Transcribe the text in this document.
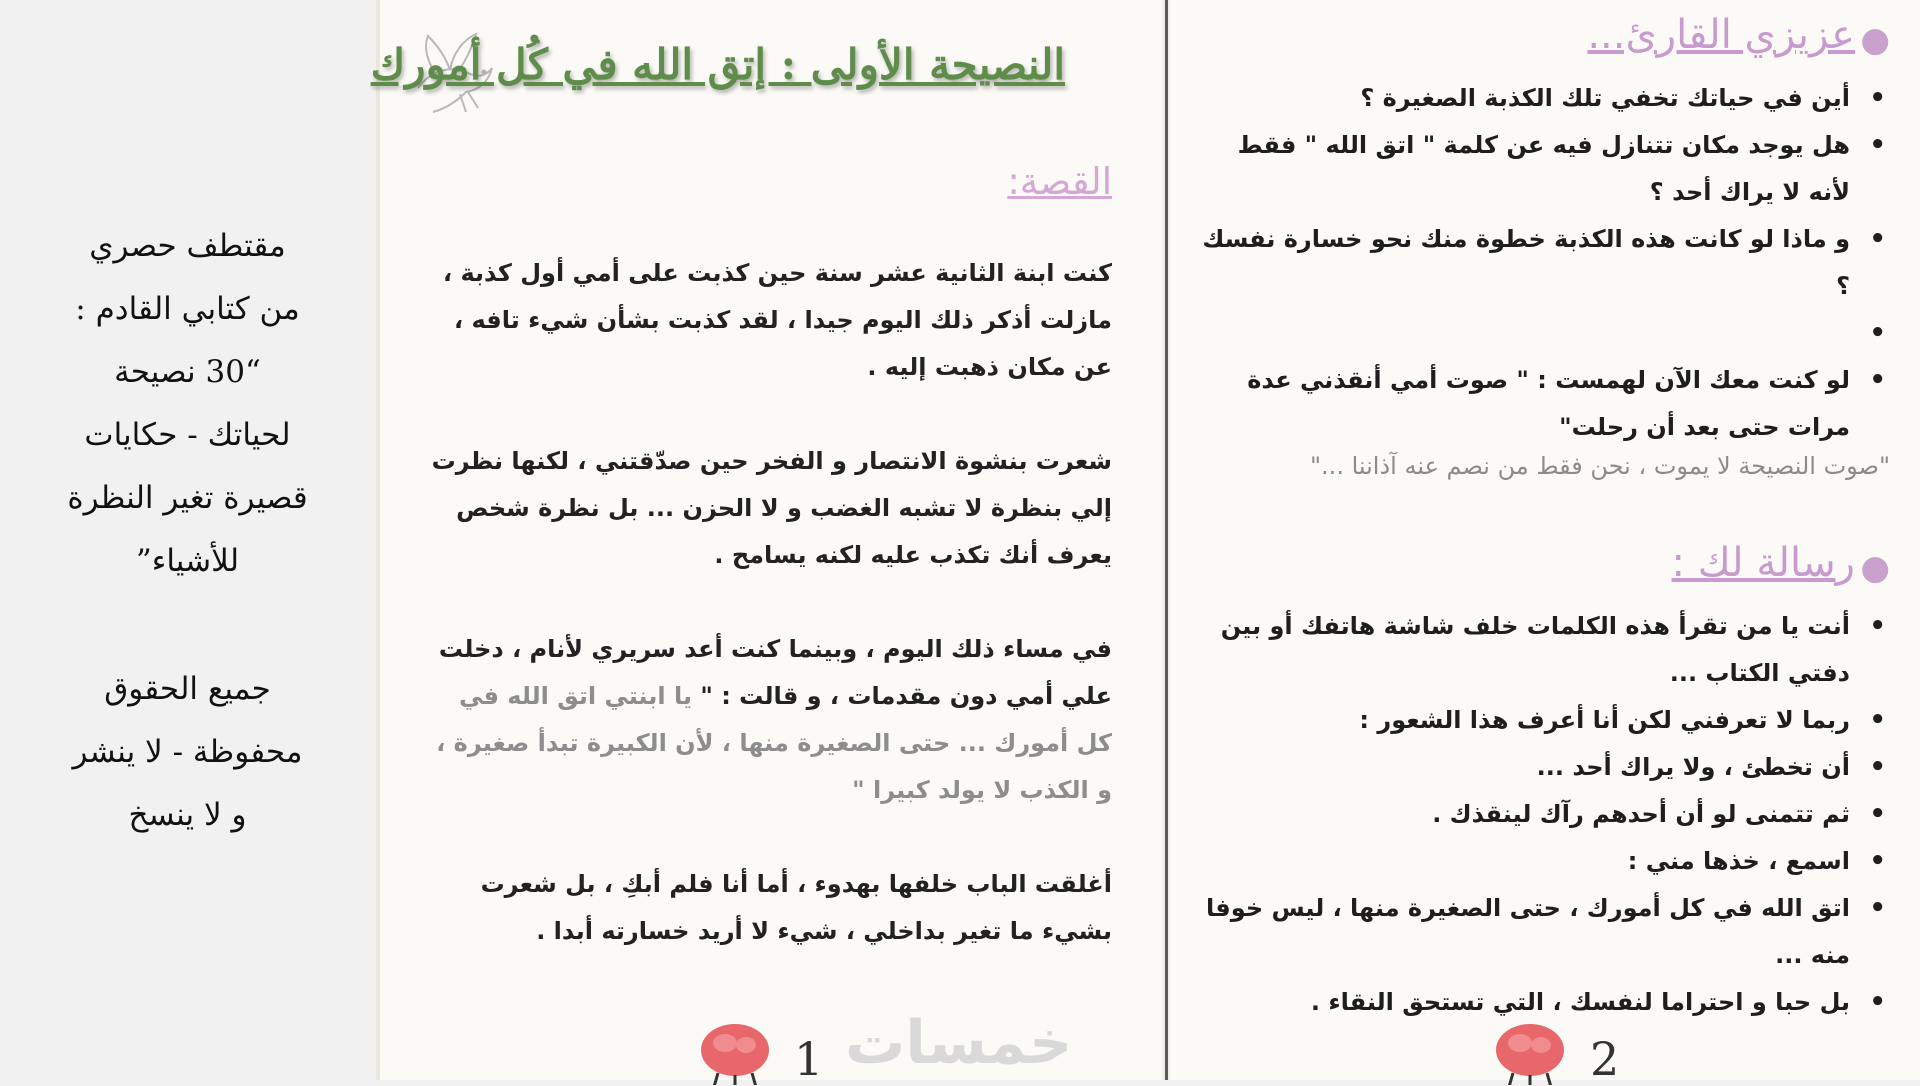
مقتطف حصري

من كتابي القادم :

“30 نصيحة

لحياتك - حكايات

قصيرة تغير النظرة

للأشياء”

جميع الحقوق

محفوظة - لا ينشر

و لا ينسخ

النصيحة الأولى : إتق الله في كُل أمورك
القصة:

كنت ابنة الثانية عشر سنة حين كذبت على أمي أول كذبة ، مازلت أذكر ذلك اليوم جيدا ، لقد كذبت بشأن شيء تافه ، عن مكان ذهبت إليه .

شعرت بنشوة الانتصار و الفخر حين صدّقتني ، لكنها نظرت إلي بنظرة لا تشبه الغضب و لا الحزن ... بل نظرة شخص يعرف أنك تكذب عليه لكنه يسامح .

في مساء ذلك اليوم ، وبينما كنت أعد سريري لأنام ، دخلت علي أمي دون مقدمات ، و قالت : " يا ابنتي اتق الله في كل أمورك ... حتى الصغيرة منها ، لأن الكبيرة تبدأ صغيرة ، و الكذب لا يولد كبيرا "

أغلقت الباب خلفها بهدوء ، أما أنا فلم أبكِ ، بل شعرت بشيء ما تغير بداخلي ، شيء لا أريد خسارته أبدا .

1 خمسات
●
عزيزي القارئ...
• أين في حياتك تخفي تلك الكذبة الصغيرة ؟
• هل يوجد مكان تتنازل فيه عن كلمة " اتق الله " فقط لأنه لا يراك أحد ؟
• و ماذا لو كانت هذه الكذبة خطوة منك نحو خسارة نفسك ؟
•
• لو كنت معك الآن لهمست : " صوت أمي أنقذني عدة مرات حتى بعد أن رحلت"
"صوت النصيحة لا يموت ، نحن فقط من نصم عنه آذاننا ..."
●
رسالة لك :
• أنت يا من تقرأ هذه الكلمات خلف شاشة هاتفك أو بين دفتي الكتاب ...
• ربما لا تعرفني لكن أنا أعرف هذا الشعور :
• أن تخطئ ، ولا يراك أحد ...
• ثم تتمنى لو أن أحدهم رآك لينقذك .
• اسمع ، خذها مني :
• اتق الله في كل أمورك ، حتى الصغيرة منها ، ليس خوفا منه ...
• بل حبا و احتراما لنفسك ، التي تستحق النقاء .
2
